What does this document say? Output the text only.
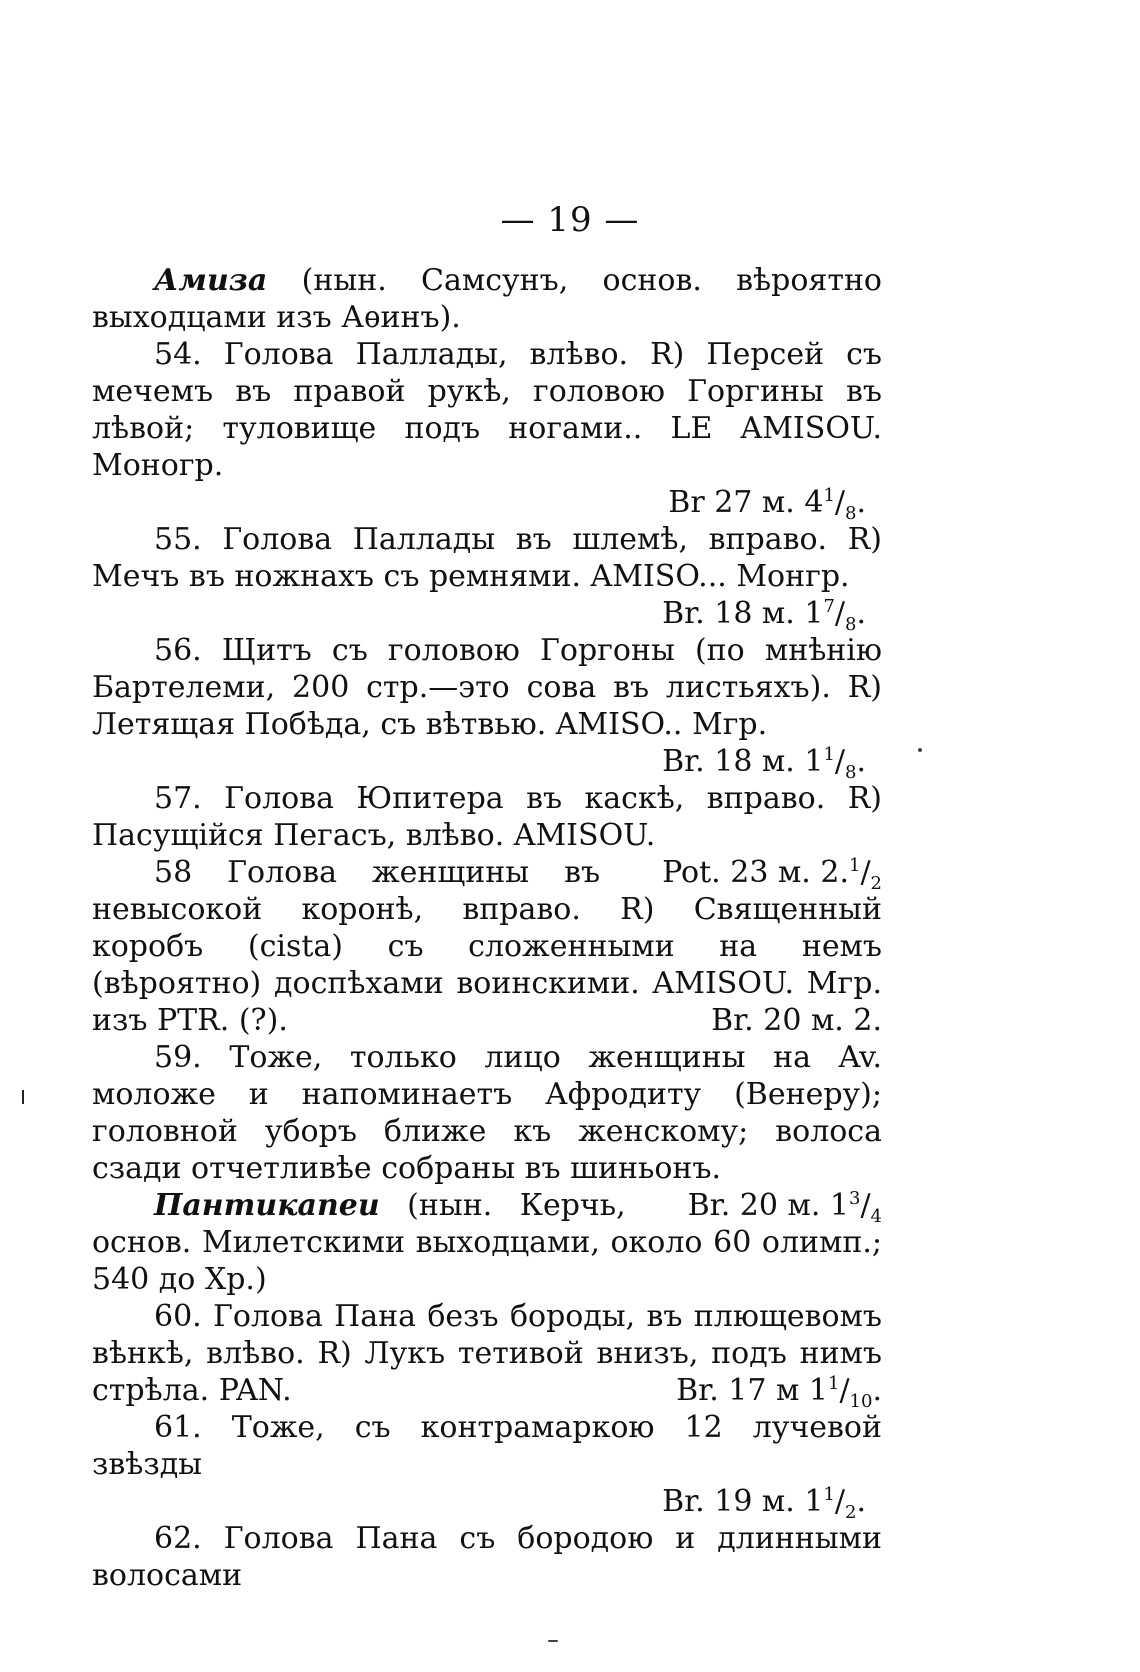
— 19 —

Амиза (нын. Самсунъ, основ. вѣроятно выходцами изъ Аѳинъ).

54. Голова Паллады, влѣво. R) Персей съ мечемъ въ правой рукѣ, головою Горгины въ лѣвой; туловище подъ ногами.. LE AMISOU. Моногр.

Br 27 м. $4^1/_8$.

55. Голова Паллады въ шлемѣ, вправо. R) Мечъ въ ножнахъ съ ремнями. AMISO... Монгр.

Br. 18 м. $1^7/_8$.

56. Щитъ съ головою Горгоны (по мнѣнію Бартелеми, 200 стр.—это сова въ листьяхъ). R) Летящая Побѣда, съ вѣтвью. AMISO.. Мгр.

Br. 18 м. $1^1/_8$.

57. Голова Юпитера въ каскѣ, вправо. R) Пасущійся Пегасъ, влѣво. AMISOU.
Pot. 23 м. $2.^1/_2$

58 Голова женщины въ невысокой коронѣ, вправо. R) Священный коробъ (cista) съ сложенными на немъ (вѣроятно) доспѣхами воинскими. AMISOU. Мгр. изъ PTR. (?).	Br. 20 м. 2.

59. Тоже, только лицо женщины на Av. моложе и напоминаетъ Афродиту (Венеру); головной уборъ ближе къ женскому; волоса сзади отчетливѣе собраны въ шиньонъ.
Br. 20 м. $1^3/_4$

Пантикапеи (нын. Керчь, основ. Милетскими выходцами, около 60 олимп.; 540 до Хр.)

60. Голова Пана безъ бороды, въ плющевомъ вѣнкѣ, влѣво. R) Лукъ тетивой внизъ, подъ нимъ стрѣла. PAN.	Br. 17 м $1^1/_{10}$.

61. Тоже, съ контрамаркою 12 лучевой звѣзды

Br. 19 м. $1^1/_2$.

62. Голова Пана съ бородою и длинными волосами
